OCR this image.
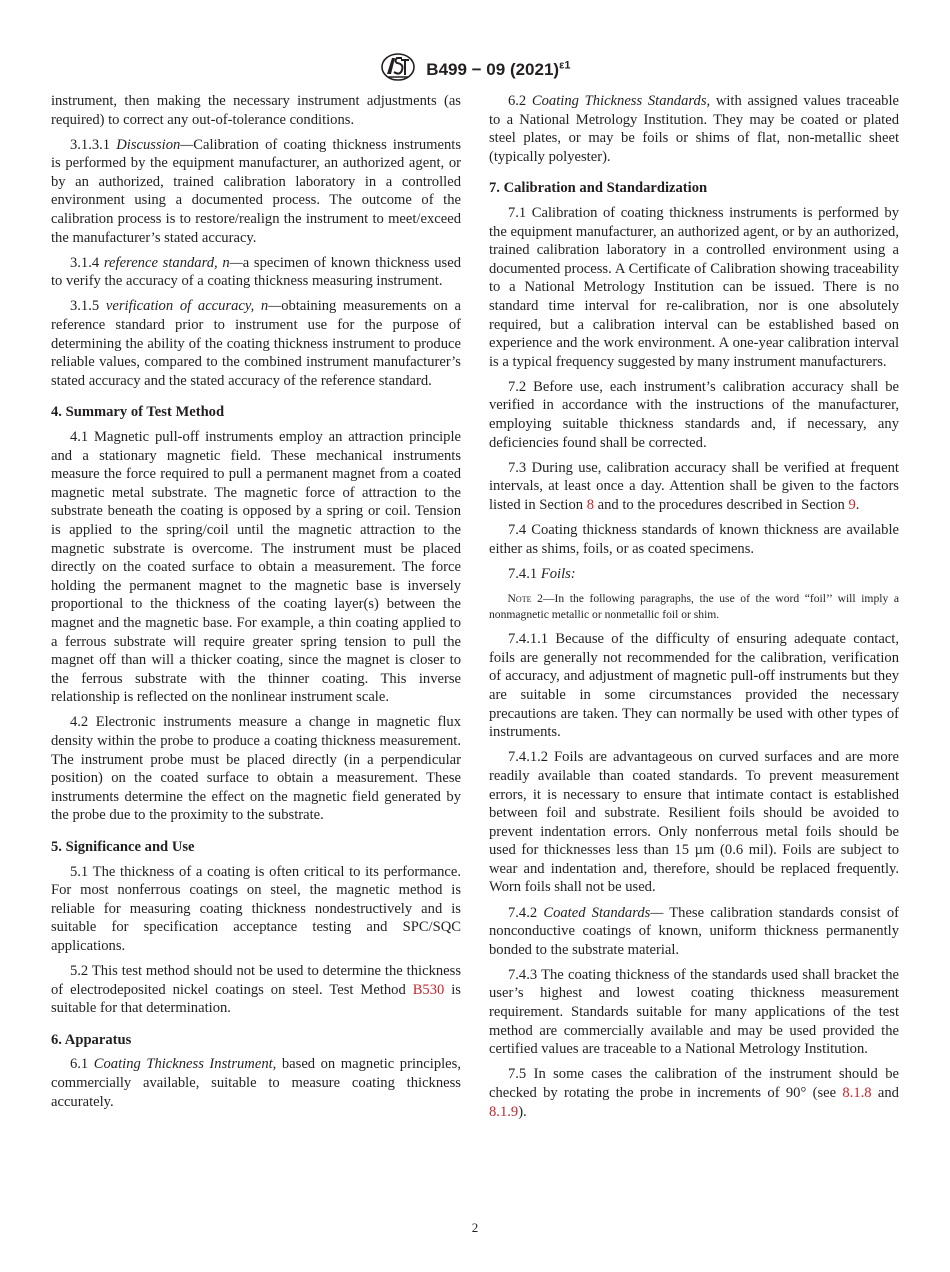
B499 − 09 $(2021)^{\varepsilon 1}$

instrument, then making the necessary instrument adjustments (as required) to correct any out-of-tolerance conditions.

3.1.3.1 Discussion—Calibration of coating thickness instruments is performed by the equipment manufacturer, an authorized agent, or by an authorized, trained calibration laboratory in a controlled environment using a documented process. The outcome of the calibration process is to restore/realign the instrument to meet/exceed the manufacturer’s stated accuracy.

3.1.4 reference standard, n—a specimen of known thickness used to verify the accuracy of a coating thickness measuring instrument.

3.1.5 verification of accuracy, n—obtaining measurements on a reference standard prior to instrument use for the purpose of determining the ability of the coating thickness instrument to produce reliable values, compared to the combined instrument manufacturer’s stated accuracy and the stated accuracy of the reference standard.

4. Summary of Test Method

4.1 Magnetic pull-off instruments employ an attraction principle and a stationary magnetic field. These mechanical instruments measure the force required to pull a permanent magnet from a coated magnetic metal substrate. The magnetic force of attraction to the substrate beneath the coating is opposed by a spring or coil. Tension is applied to the spring/coil until the magnetic attraction to the magnetic substrate is overcome. The instrument must be placed directly on the coated surface to obtain a measurement. The force holding the permanent magnet to the magnetic base is inversely proportional to the thickness of the coating layer(s) between the magnet and the magnetic base. For example, a thin coating applied to a ferrous substrate will require greater spring tension to pull the magnet off than will a thicker coating, since the magnet is closer to the ferrous substrate with the thinner coating. This inverse relationship is reflected on the nonlinear instrument scale.

4.2 Electronic instruments measure a change in magnetic flux density within the probe to produce a coating thickness measurement. The instrument probe must be placed directly (in a perpendicular position) on the coated surface to obtain a measurement. These instruments determine the effect on the magnetic field generated by the probe due to the proximity to the substrate.

5. Significance and Use

5.1 The thickness of a coating is often critical to its performance. For most nonferrous coatings on steel, the magnetic method is reliable for measuring coating thickness nondestructively and is suitable for specification acceptance testing and SPC/SQC applications.

5.2 This test method should not be used to determine the thickness of electrodeposited nickel coatings on steel. Test Method B530 is suitable for that determination.

6. Apparatus

6.1 Coating Thickness Instrument, based on magnetic principles, commercially available, suitable to measure coating thickness accurately.

6.2 Coating Thickness Standards, with assigned values traceable to a National Metrology Institution. They may be coated or plated steel plates, or may be foils or shims of flat, non-metallic sheet (typically polyester).

7. Calibration and Standardization

7.1 Calibration of coating thickness instruments is performed by the equipment manufacturer, an authorized agent, or by an authorized, trained calibration laboratory in a controlled environment using a documented process. A Certificate of Calibration showing traceability to a National Metrology Institution can be issued. There is no standard time interval for re-calibration, nor is one absolutely required, but a calibration interval can be established based on experience and the work environment. A one-year calibration interval is a typical frequency suggested by many instrument manufacturers.

7.2 Before use, each instrument’s calibration accuracy shall be verified in accordance with the instructions of the manufacturer, employing suitable thickness standards and, if necessary, any deficiencies found shall be corrected.

7.3 During use, calibration accuracy shall be verified at frequent intervals, at least once a day. Attention shall be given to the factors listed in Section 8 and to the procedures described in Section 9.

7.4 Coating thickness standards of known thickness are available either as shims, foils, or as coated specimens.

7.4.1 Foils:

Note 2—In the following paragraphs, the use of the word “foil’’ will imply a nonmagnetic metallic or nonmetallic foil or shim.

7.4.1.1 Because of the difficulty of ensuring adequate contact, foils are generally not recommended for the calibration, verification of accuracy, and adjustment of magnetic pull-off instruments but they are suitable in some circumstances provided the necessary precautions are taken. They can normally be used with other types of instruments.

7.4.1.2 Foils are advantageous on curved surfaces and are more readily available than coated standards. To prevent measurement errors, it is necessary to ensure that intimate contact is established between foil and substrate. Resilient foils should be avoided to prevent indentation errors. Only nonferrous metal foils should be used for thicknesses less than 15 µm (0.6 mil). Foils are subject to wear and indentation and, therefore, should be replaced frequently. Worn foils shall not be used.

7.4.2 Coated Standards— These calibration standards consist of nonconductive coatings of known, uniform thickness permanently bonded to the substrate material.

7.4.3 The coating thickness of the standards used shall bracket the user’s highest and lowest coating thickness measurement requirement. Standards suitable for many applications of the test method are commercially available and may be used provided the certified values are traceable to a National Metrology Institution.

7.5 In some cases the calibration of the instrument should be checked by rotating the probe in increments of 90° (see 8.1.8 and 8.1.9).

2
